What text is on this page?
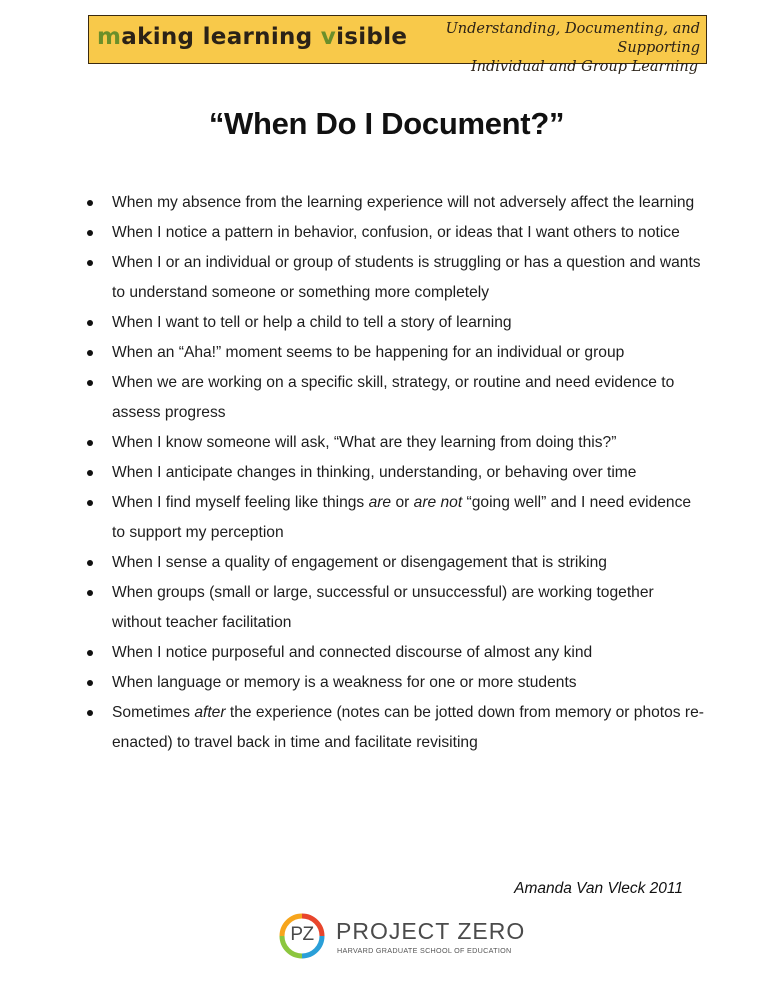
making learning visible	Understanding, Documenting, and Supporting
Individual and Group Learning
“When Do I Document?”
When my absence from the learning experience will not adversely affect the learning
When I notice a pattern in behavior, confusion, or ideas that I want others to notice
When I or an individual or group of students is struggling or has a question and wants to understand someone or something more completely
When I want to tell or help a child to tell a story of learning
When an “Aha!” moment seems to be happening for an individual or group
When we are working on a specific skill, strategy, or routine and need evidence to assess progress
When I know someone will ask, “What are they learning from doing this?”
When I anticipate changes in thinking, understanding, or behaving over time
When I find myself feeling like things are or are not “going well” and I need evidence to support my perception
When I sense a quality of engagement or disengagement that is striking
When groups (small or large, successful or unsuccessful) are working together without teacher facilitation
When I notice purposeful and connected discourse of almost any kind
When language or memory is a weakness for one or more students
Sometimes after the experience (notes can be jotted down from memory or photos re-enacted) to travel back in time and facilitate revisiting
Amanda Van Vleck 2011
PZ PROJECT ZERO
HARVARD GRADUATE SCHOOL OF EDUCATION
